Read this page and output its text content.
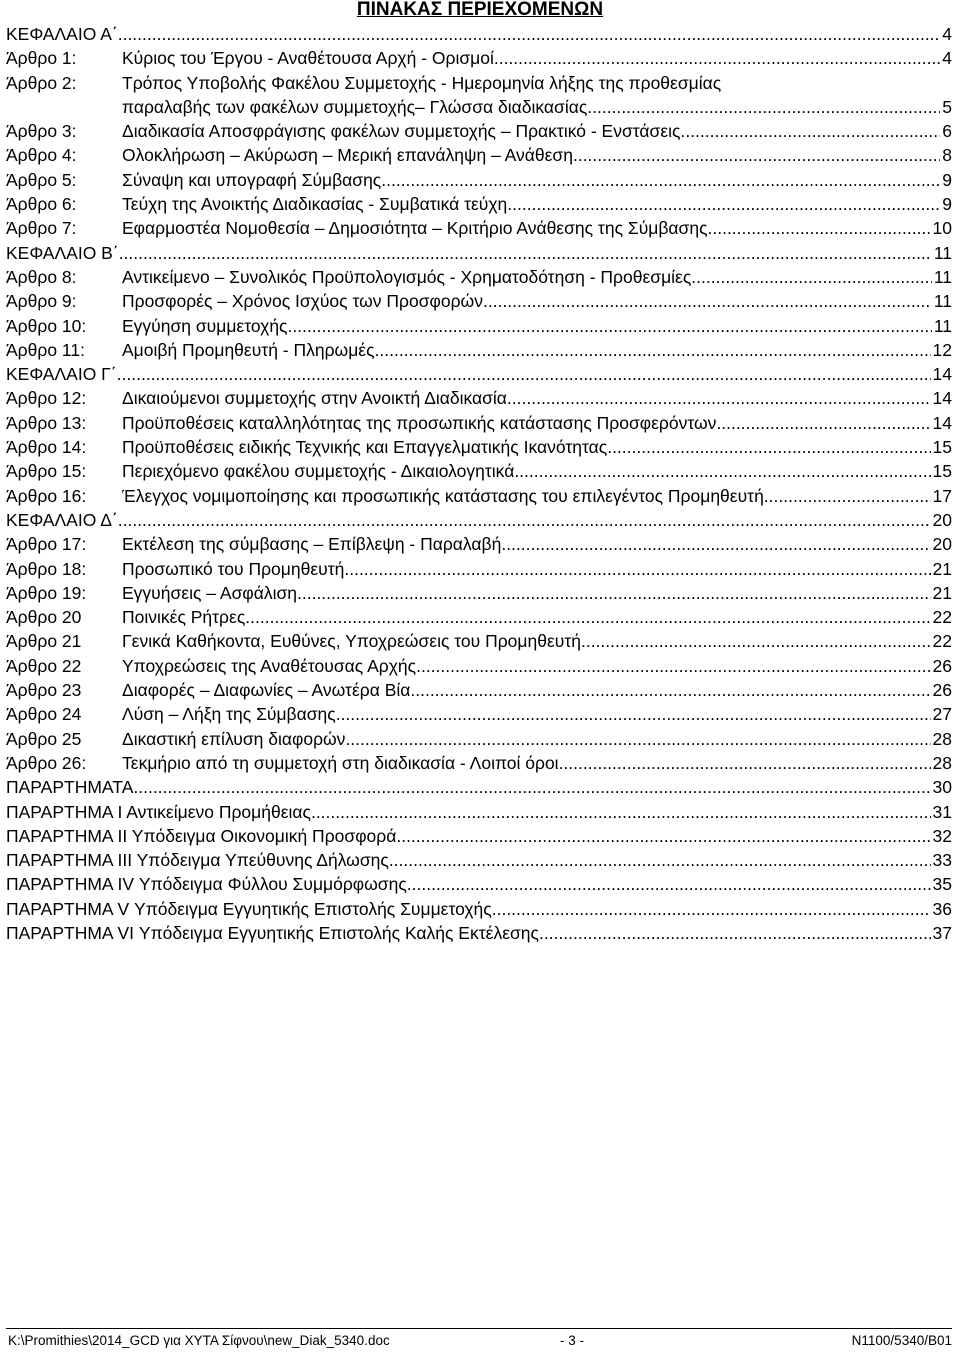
ΠΙΝΑΚΑΣ ΠΕΡΙΕΧΟΜΕΝΩΝ
ΚΕΦΑΛΑΙΟ Α΄ .....	4
Άρθρο 1:	Κύριος του Έργου - Αναθέτουσα Αρχή - Ορισμοί .....	4
Άρθρο 2:	Τρόπος Υποβολής Φακέλου Συμμετοχής - Ημερομηνία λήξης της προθεσμίας
παραλαβής των φακέλων συμμετοχής– Γλώσσα διαδικασίας .....	5
Άρθρο 3:	Διαδικασία Αποσφράγισης φακέλων συμμετοχής – Πρακτικό - Ενστάσεις .....	6
Άρθρο 4:	Ολοκλήρωση – Ακύρωση – Μερική επανάληψη – Ανάθεση .....	8
Άρθρο 5:	Σύναψη και υπογραφή Σύμβασης .....	9
Άρθρο 6:	Τεύχη της Ανοικτής Διαδικασίας - Συμβατικά τεύχη .....	9
Άρθρο 7:	Εφαρμοστέα Νομοθεσία – Δημοσιότητα – Κριτήριο Ανάθεσης της Σύμβασης .....	10
ΚΕΦΑΛΑΙΟ Β΄ .....	11
Άρθρο 8:	Αντικείμενο – Συνολικός Προϋπολογισμός - Χρηματοδότηση - Προθεσμίες .....	11
Άρθρο 9:	Προσφορές – Χρόνος Ισχύος των Προσφορών .....	11
Άρθρο 10: Εγγύηση συμμετοχής .....	11
Άρθρο 11: Αμοιβή Προμηθευτή - Πληρωμές .....	12
ΚΕΦΑΛΑΙΟ Γ΄ .....	14
Άρθρο 12: Δικαιούμενοι συμμετοχής στην Ανοικτή Διαδικασία .....	14
Άρθρο 13: Προϋποθέσεις καταλληλότητας της προσωπικής κατάστασης Προσφερόντων .....	14
Άρθρο 14: Προϋποθέσεις ειδικής Τεχνικής και Επαγγελματικής Ικανότητας .....	15
Άρθρο 15: Περιεχόμενο φακέλου συμμετοχής - Δικαιολογητικά .....	15
Άρθρο 16: Έλεγχος νομιμοποίησης και προσωπικής κατάστασης του επιλεγέντος Προμηθευτή. .....	17
ΚΕΦΑΛΑΙΟ Δ΄ .....	20
Άρθρο 17: Εκτέλεση της σύμβασης – Επίβλεψη - Παραλαβή .....	20
Άρθρο 18: Προσωπικό του Προμηθευτή .....	21
Άρθρο 19: Εγγυήσεις – Ασφάλιση .....	21
Άρθρο 20 Ποινικές Ρήτρες .....	22
Άρθρο 21 Γενικά Καθήκοντα, Ευθύνες, Υποχρεώσεις του Προμηθευτή .....	22
Άρθρο 22 Υποχρεώσεις της Αναθέτουσας Αρχής .....	26
Άρθρο 23 Διαφορές – Διαφωνίες – Ανωτέρα Βία .....	26
Άρθρο 24 Λύση – Λήξη της Σύμβασης .....	27
Άρθρο 25 Δικαστική επίλυση διαφορών .....	28
Άρθρο 26: Τεκμήριο από τη συμμετοχή στη διαδικασία - Λοιποί όροι .....	28
ΠΑΡΑΡΤΗΜΑΤΑ .....	30
ΠΑΡΑΡΤΗΜΑ Ι Αντικείμενο Προμήθειας .....	31
ΠΑΡΑΡΤΗΜΑ ΙΙ Υπόδειγμα Οικονομική Προσφορά .....	32
ΠΑΡΑΡΤΗΜΑ ΙΙΙ Υπόδειγμα Υπεύθυνης Δήλωσης .....	33
ΠΑΡΑΡΤΗΜΑ ΙV Υπόδειγμα Φύλλου Συμμόρφωσης .....	35
ΠΑΡΑΡΤΗΜΑ V Υπόδειγμα Εγγυητικής Επιστολής Συμμετοχής .....	36
ΠΑΡΑΡΤΗΜΑ VI Υπόδειγμα Εγγυητικής Επιστολής Καλής Εκτέλεσης .....	37
K:\Promithies\2014_GCD για ΧΥΤΑ Σίφνου\new_Diak_5340.doc	- 3 -	N1100/5340/B01
